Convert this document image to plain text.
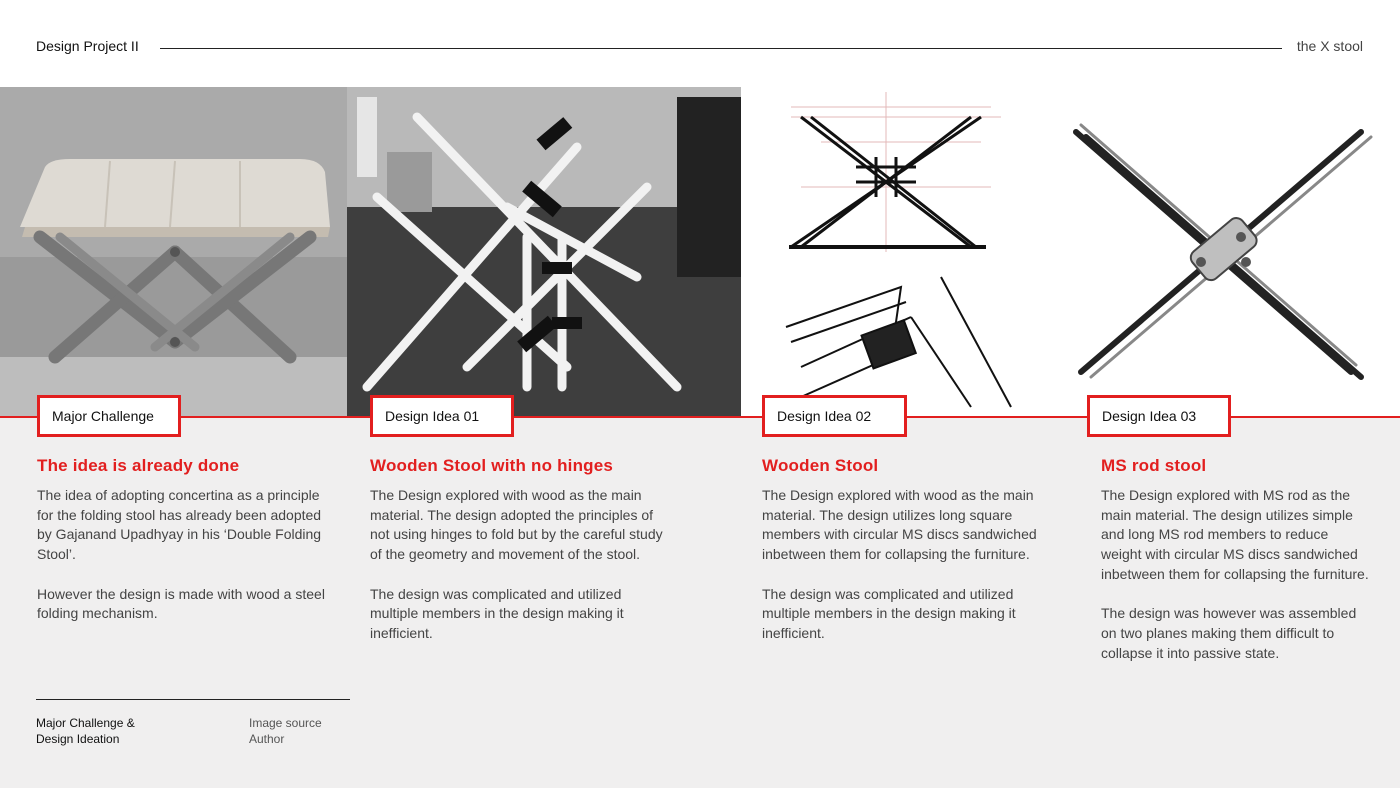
Design Project II	the X stool
Major Challenge	Design Idea 01	Design Idea 02	Design Idea 03
The idea is already done	Wooden Stool with no hinges	Wooden Stool	MS rod stool

The idea of adopting concertina as a principle for the folding stool has already been adopted by Gajanand Upadhyay in his ‘Double Folding Stool’.

However the design is made with wood a steel folding mechanism.

The Design explored with wood as the main material. The design adopted the principles of not using hinges to fold but by the careful study of the geometry and movement of the stool.

The design was complicated and utilized multiple members in the design making it inefficient.

The Design explored with wood as the main material. The design utilizes long square members with circular MS discs sandwiched inbetween them for collapsing the furniture.

The design was complicated and utilized multiple members in the design making it inefficient.

The Design explored with MS rod as the main material. The design utilizes simple and long MS rod members to reduce weight with circular MS discs sandwiched inbetween them for collapsing the furniture.

The design was however was assembled on two planes making them difficult to collapse it into passive state.

Major Challenge &
Design Ideation
Image source
Author
